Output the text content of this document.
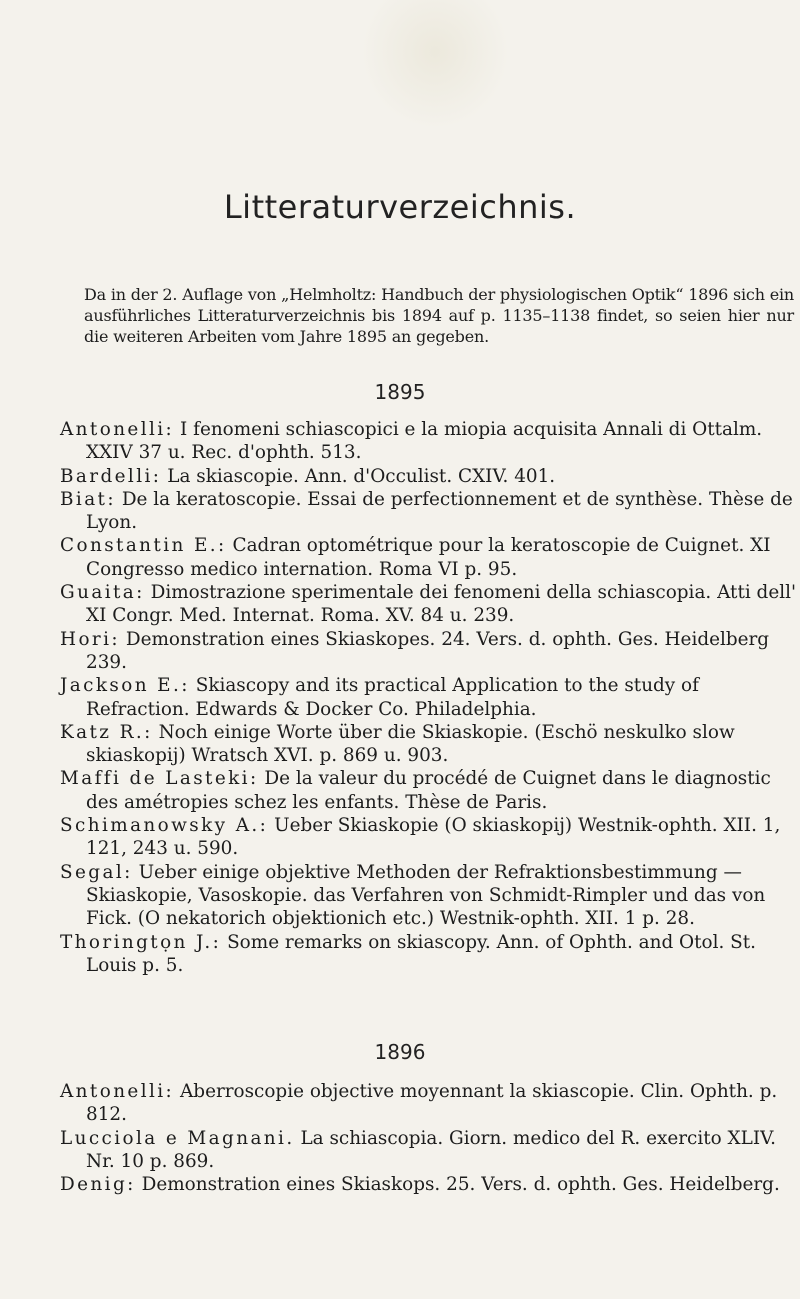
Litteraturverzeichnis.
Da in der 2. Auflage von „Helmholtz: Handbuch der physiologischen Optik“ 1896 sich ein ausführliches Litteraturverzeichnis bis 1894 auf p. 1135–1138 findet, so seien hier nur die weiteren Arbeiten vom Jahre 1895 an gegeben.
1895
Antonelli: I fenomeni schiascopici e la miopia acquisita Annali di Ottalm. XXIV 37 u. Rec. d'ophth. 513.
Bardelli: La skiascopie. Ann. d'Occulist. CXIV. 401.
Biat: De la keratoscopie. Essai de perfectionnement et de synthèse. Thèse de Lyon.
Constantin E.: Cadran optométrique pour la keratoscopie de Cuignet. XI Congresso medico internation. Roma VI p. 95.
Guaita: Dimostrazione sperimentale dei fenomeni della schiascopia. Atti dell' XI Congr. Med. Internat. Roma. XV. 84 u. 239.
Hori: Demonstration eines Skiaskopes. 24. Vers. d. ophth. Ges. Heidelberg 239.
Jackson E.: Skiascopy and its practical Application to the study of Refraction. Edwards & Docker Co. Philadelphia.
Katz R.: Noch einige Worte über die Skiaskopie. (Eschö neskulko slow skiaskopij) Wratsch XVI. p. 869 u. 903.
Maffi de Lasteki: De la valeur du procédé de Cuignet dans le diagnostic des amétropies schez les enfants. Thèse de Paris.
Schimanowsky A.: Ueber Skiaskopie (O skiaskopij) Westnik-ophth. XII. 1, 121, 243 u. 590.
Segal: Ueber einige objektive Methoden der Refraktionsbestimmung — Skiaskopie, Vasoskopie. das Verfahren von Schmidt-Rimpler und das von Fick. (O nekatorich objektionich etc.) Westnik-ophth. XII. 1 p. 28.
Thoringtọn J.: Some remarks on skiascopy. Ann. of Ophth. and Otol. St. Louis p. 5.
1896
Antonelli: Aberroscopie objective moyennant la skiascopie. Clin. Ophth. p. 812.
Lucciola e Magnani. La schiascopia. Giorn. medico del R. exercito XLIV. Nr. 10 p. 869.
Denig: Demonstration eines Skiaskops. 25. Vers. d. ophth. Ges. Heidelberg.
